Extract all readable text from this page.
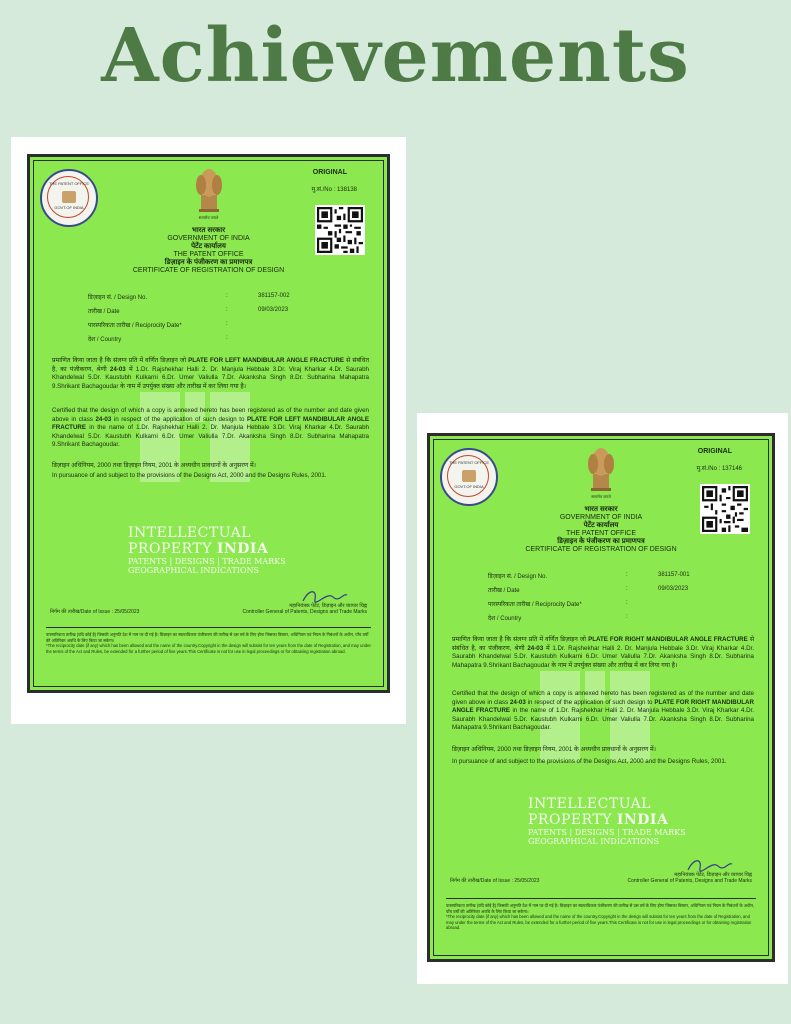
Achievements
THE PATENT OFFICE
GOVT.OF INDIA
सत्यमेव जयते
ORIGINAL
मु.सं./No : 138138
भारत सरकार
GOVERNMENT OF INDIA
पेटेंट कार्यालय
THE PATENT OFFICE
डिज़ाइन के पंजीकरण का प्रमाणपत्र
CERTIFICATE OF REGISTRATION OF DESIGN
डिज़ाइन सं. / Design No.	:	381157-002
तारीख / Date	:	09/03/2023
पारस्परिकता तारीख / Reciprocity Date*	:
देश / Country	:
प्रमाणित किया जाता है कि संलग्न प्रति में वर्णित डिज़ाइन जो PLATE FOR LEFT MANDIBULAR ANGLE FRACTURE से संबंधित है, का पंजीकरण, श्रेणी 24-03 में 1.Dr. Rajshekhar Halli 2. Dr. Manjula Hebbale 3.Dr. Viraj Kharkar 4.Dr. Saurabh Khandelwal 5.Dr. Kaustubh Kulkarni 6.Dr. Umer Valiulla 7.Dr. Akanksha Singh 8.Dr. Subharina Mahapatra 9.Shrikant Bachagoudar के नाम में उपर्युक्त संख्या और तारीख में कर लिया गया है।
Certified that the design of which a copy is annexed hereto has been registered as of the number and date given above in class 24-03 in respect of the application of such design to PLATE FOR LEFT MANDIBULAR ANGLE FRACTURE in the name of 1.Dr. Rajshekhar Halli 2. Dr. Manjula Hebbale 3.Dr. Viraj Kharkar 4.Dr. Saurabh Khandelwal 5.Dr. Kaustubh Kulkarni 6.Dr. Umer Valiulla 7.Dr. Akanksha Singh 8.Dr. Subharina Mahapatra 9.Shrikant Bachagoudar.
डिज़ाइन अधिनियम, 2000 तथा डिज़ाइन नियम, 2001 के अध्यधीन प्रावधानों के अनुसरण में।
In pursuance of and subject to the provisions of the Designs Act, 2000 and the Designs Rules, 2001.
INTELLECTUAL
PROPERTY INDIA
PATENTS | DESIGNS | TRADE MARKS
GEOGRAPHICAL INDICATIONS
निर्गम की तारीख/Date of Issue : 25/05/2023
महानियंत्रक पेटेंट, डिज़ाइन और व्यापार चिह्न
Controller General of Patents, Designs and Trade Marks
पारस्परिकता तारीख (यदि कोई है) जिसकी अनुमति देश में नाम पर दी गई है। डिज़ाइन का स्वत्वाधिकार पंजीकरण की तारीख से दस वर्ष के लिए होगा जिसका विस्तार, अधिनियम एवं नियम के निबंधनों के अधीन, पाँच वर्षों की अतिरिक्त अवधि के लिए किया जा सकेगा।
*The reciprocity date (if any) which has been allowed and the name of the country.Copyright in the design will subsist for ten years from the date of Registration, and may under the terms of the Act and Rules, be extended for a further period of five years.This Certificate is not for use in legal proceedings or for obtaining registration abroad.
THE PATENT OFFICE
GOVT.OF INDIA
सत्यमेव जयते
ORIGINAL
मु.सं./No : 137146
भारत सरकार
GOVERNMENT OF INDIA
पेटेंट कार्यालय
THE PATENT OFFICE
डिज़ाइन के पंजीकरण का प्रमाणपत्र
CERTIFICATE OF REGISTRATION OF DESIGN
डिज़ाइन सं. / Design No.	:	381157-001
तारीख / Date	:	09/03/2023
पारस्परिकता तारीख / Reciprocity Date*	:
देश / Country	:
प्रमाणित किया जाता है कि संलग्न प्रति में वर्णित डिज़ाइन जो PLATE FOR RIGHT MANDIBULAR ANGLE FRACTURE से संबंधित है, का पंजीकरण, श्रेणी 24-03 में 1.Dr. Rajshekhar Halli 2. Dr. Manjula Hebbale 3.Dr. Viraj Kharkar 4.Dr. Saurabh Khandelwal 5.Dr. Kaustubh Kulkarni 6.Dr. Umer Valiulla 7.Dr. Akanksha Singh 8.Dr. Subharina Mahapatra 9.Shrikant Bachagoudar के नाम में उपर्युक्त संख्या और तारीख में कर लिया गया है।
Certified that the design of which a copy is annexed hereto has been registered as of the number and date given above in class 24-03 in respect of the application of such design to PLATE FOR RIGHT MANDIBULAR ANGLE FRACTURE in the name of 1.Dr. Rajshekhar Halli 2. Dr. Manjula Hebbale 3.Dr. Viraj Kharkar 4.Dr. Saurabh Khandelwal 5.Dr. Kaustubh Kulkarni 6.Dr. Umer Valiulla 7.Dr. Akanksha Singh 8.Dr. Subharina Mahapatra 9.Shrikant Bachagoudar.
डिज़ाइन अधिनियम, 2000 तथा डिज़ाइन नियम, 2001 के अध्यधीन प्रावधानों के अनुसरण में।
In pursuance of and subject to the provisions of the Designs Act, 2000 and the Designs Rules, 2001.
INTELLECTUAL
PROPERTY INDIA
PATENTS | DESIGNS | TRADE MARKS
GEOGRAPHICAL INDICATIONS
निर्गम की तारीख/Date of Issue : 25/05/2023
महानियंत्रक पेटेंट, डिज़ाइन और व्यापार चिह्न
Controller General of Patents, Designs and Trade Marks
पारस्परिकता तारीख (यदि कोई है) जिसकी अनुमति देश में नाम पर दी गई है। डिज़ाइन का स्वत्वाधिकार पंजीकरण की तारीख से दस वर्ष के लिए होगा जिसका विस्तार, अधिनियम एवं नियम के निबंधनों के अधीन, पाँच वर्षों की अतिरिक्त अवधि के लिए किया जा सकेगा।
*The reciprocity date (if any) which has been allowed and the name of the country.Copyright in the design will subsist for ten years from the date of Registration, and may under the terms of the Act and Rules, be extended for a further period of five years.This Certificate is not for use in legal proceedings or for obtaining registration abroad.
